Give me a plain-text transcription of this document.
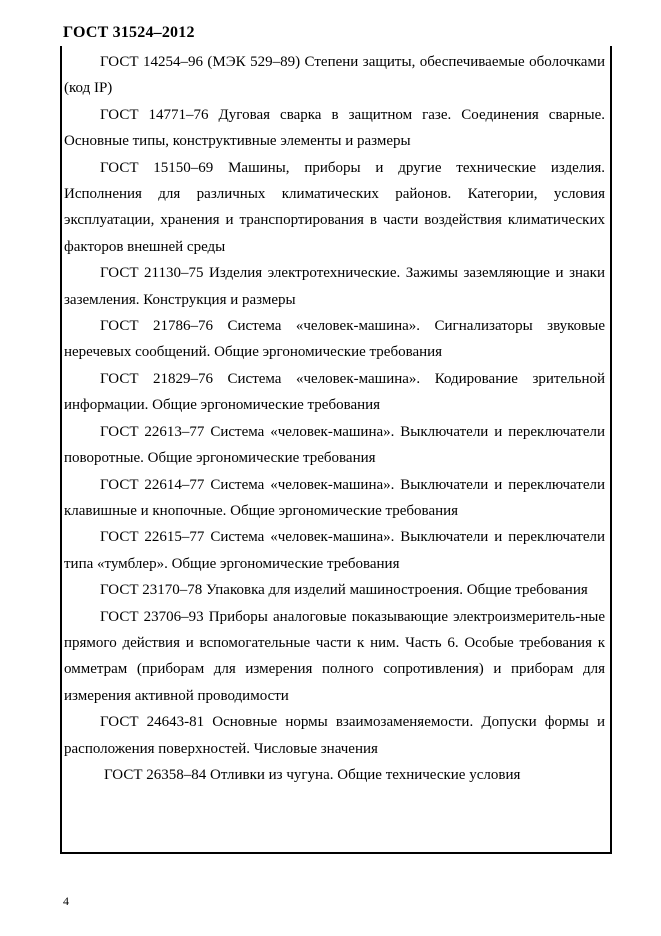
ГОСТ 31524–2012

ГОСТ 14254–96 (МЭК 529–89) Степени защиты, обеспечиваемые оболочками (код IP)

ГОСТ 14771–76 Дуговая сварка в защитном газе. Соединения сварные. Основные типы, конструктивные элементы и размеры

ГОСТ 15150–69 Машины, приборы и другие технические изделия. Исполнения для различных климатических районов. Категории, условия эксплуатации, хранения и транспортирования в части воздействия климатических факторов внешней среды

ГОСТ 21130–75 Изделия электротехнические. Зажимы заземляющие и знаки заземления. Конструкция и размеры

ГОСТ 21786–76 Система «человек-машина». Сигнализаторы звуковые неречевых сообщений. Общие эргономические требования

ГОСТ 21829–76 Система «человек-машина». Кодирование зрительной информации. Общие эргономические требования

ГОСТ 22613–77 Система «человек-машина». Выключатели и переключатели поворотные. Общие эргономические требования

ГОСТ 22614–77 Система «человек-машина». Выключатели и переключатели клавишные и кнопочные. Общие эргономические требования

ГОСТ 22615–77 Система «человек-машина». Выключатели и переключатели типа «тумблер». Общие эргономические требования

ГОСТ 23170–78 Упаковка для изделий машиностроения. Общие требования

ГОСТ 23706–93 Приборы аналоговые показывающие электроизмеритель-ные прямого действия и вспомогательные части к ним. Часть 6. Особые требования к омметрам (приборам для измерения полного сопротивления) и приборам для измерения активной проводимости

ГОСТ 24643-81 Основные нормы взаимозаменяемости. Допуски формы и расположения поверхностей. Числовые значения

ГОСТ 26358–84 Отливки из чугуна. Общие технические условия

4
